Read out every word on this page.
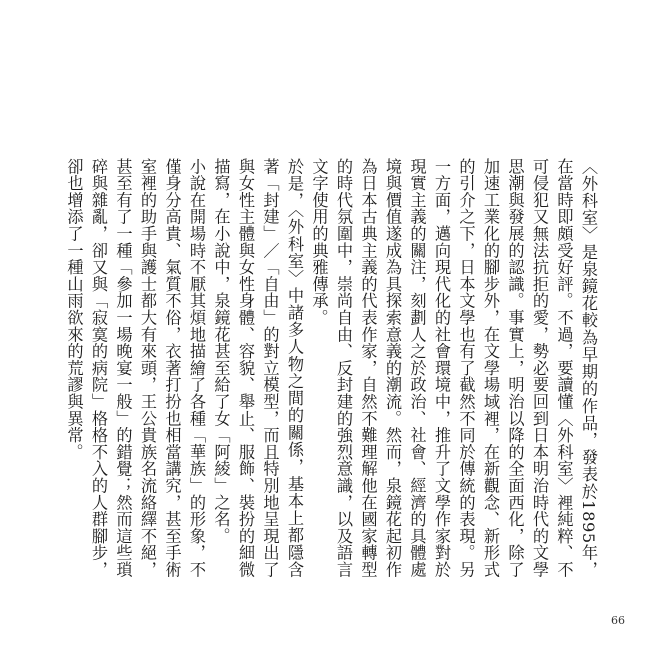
〈外科室〉是泉鏡花較為早期的作品，發表於1895年，在當時即頗受好評。不過，要讀懂〈外科室〉裡純粹、不可侵犯又無法抗拒的愛，勢必要回到日本明治時代的文學思潮與發展的認識。事實上，明治以降的全面西化，除了加速工業化的腳步外，在文學場域裡，在新觀念、新形式的引介之下，日本文學也有了截然不同於傳統的表現。另一方面，邁向現代化的社會環境中，推升了文學作家對於現實主義的關注，刻劃人之於政治、社會、經濟的具體處境與價值遂成為具探索意義的潮流。然而，泉鏡花起初作為日本古典主義的代表作家，自然不難理解他在國家轉型的時代氛圍中，崇尚自由、反封建的強烈意識，以及語言文字使用的典雅傳承。

於是，〈外科室〉中諸多人物之間的關係，基本上都隱含著「封建」／「自由」的對立模型，而且特別地呈現出了與女性主體與女性身體、容貌、舉止、服飾、裝扮的細微描寫，在小說中，泉鏡花甚至給了女「阿綾」之名。

小說在開場時不厭其煩地描繪了各種「華族」的形象，不僅身分高貴、氣質不俗，衣著打扮也相當講究，甚至手術室裡的助手與護士都大有來頭，王公貴族名流絡繹不絕，甚至有了一種「參加一場晚宴一般」的錯覺；然而這些瑣碎與雜亂，卻又與「寂寞的病院」格格不入的人群腳步，卻也增添了一種山雨欲來的荒謬與異常。

66
